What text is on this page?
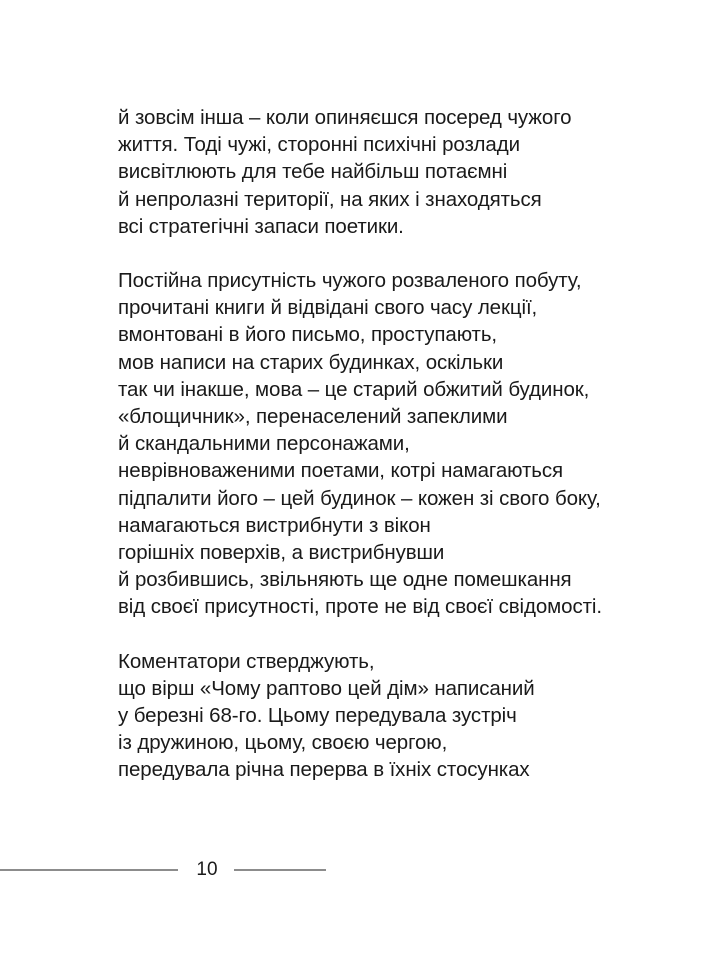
й зовсім інша – коли опиняєшся посеред чужого
життя. Тоді чужі, сторонні психічні розлади
висвітлюють для тебе найбільш потаємні
й непролазні території, на яких і знаходяться
всі стратегічні запаси поетики.

Постійна присутність чужого розваленого побуту,
прочитані книги й відвідані свого часу лекції,
вмонтовані в його письмо, проступають,
мов написи на старих будинках, оскільки
так чи інакше, мова – це старий обжитий будинок,
«блощичник», перенаселений запеклими
й скандальними персонажами,
неврівноваженими поетами, котрі намагаються
підпалити його – цей будинок – кожен зі свого боку,
намагаються вистрибнути з вікон
горішніх поверхів, а вистрибнувши
й розбившись, звільняють ще одне помешкання
від своєї присутності, проте не від своєї свідомості.

Коментатори стверджують,
що вірш «Чому раптово цей дім» написаний
у березні 68-го. Цьому передувала зустріч
із дружиною, цьому, своєю чергою,
передувала річна перерва в їхніх стосунках

10
